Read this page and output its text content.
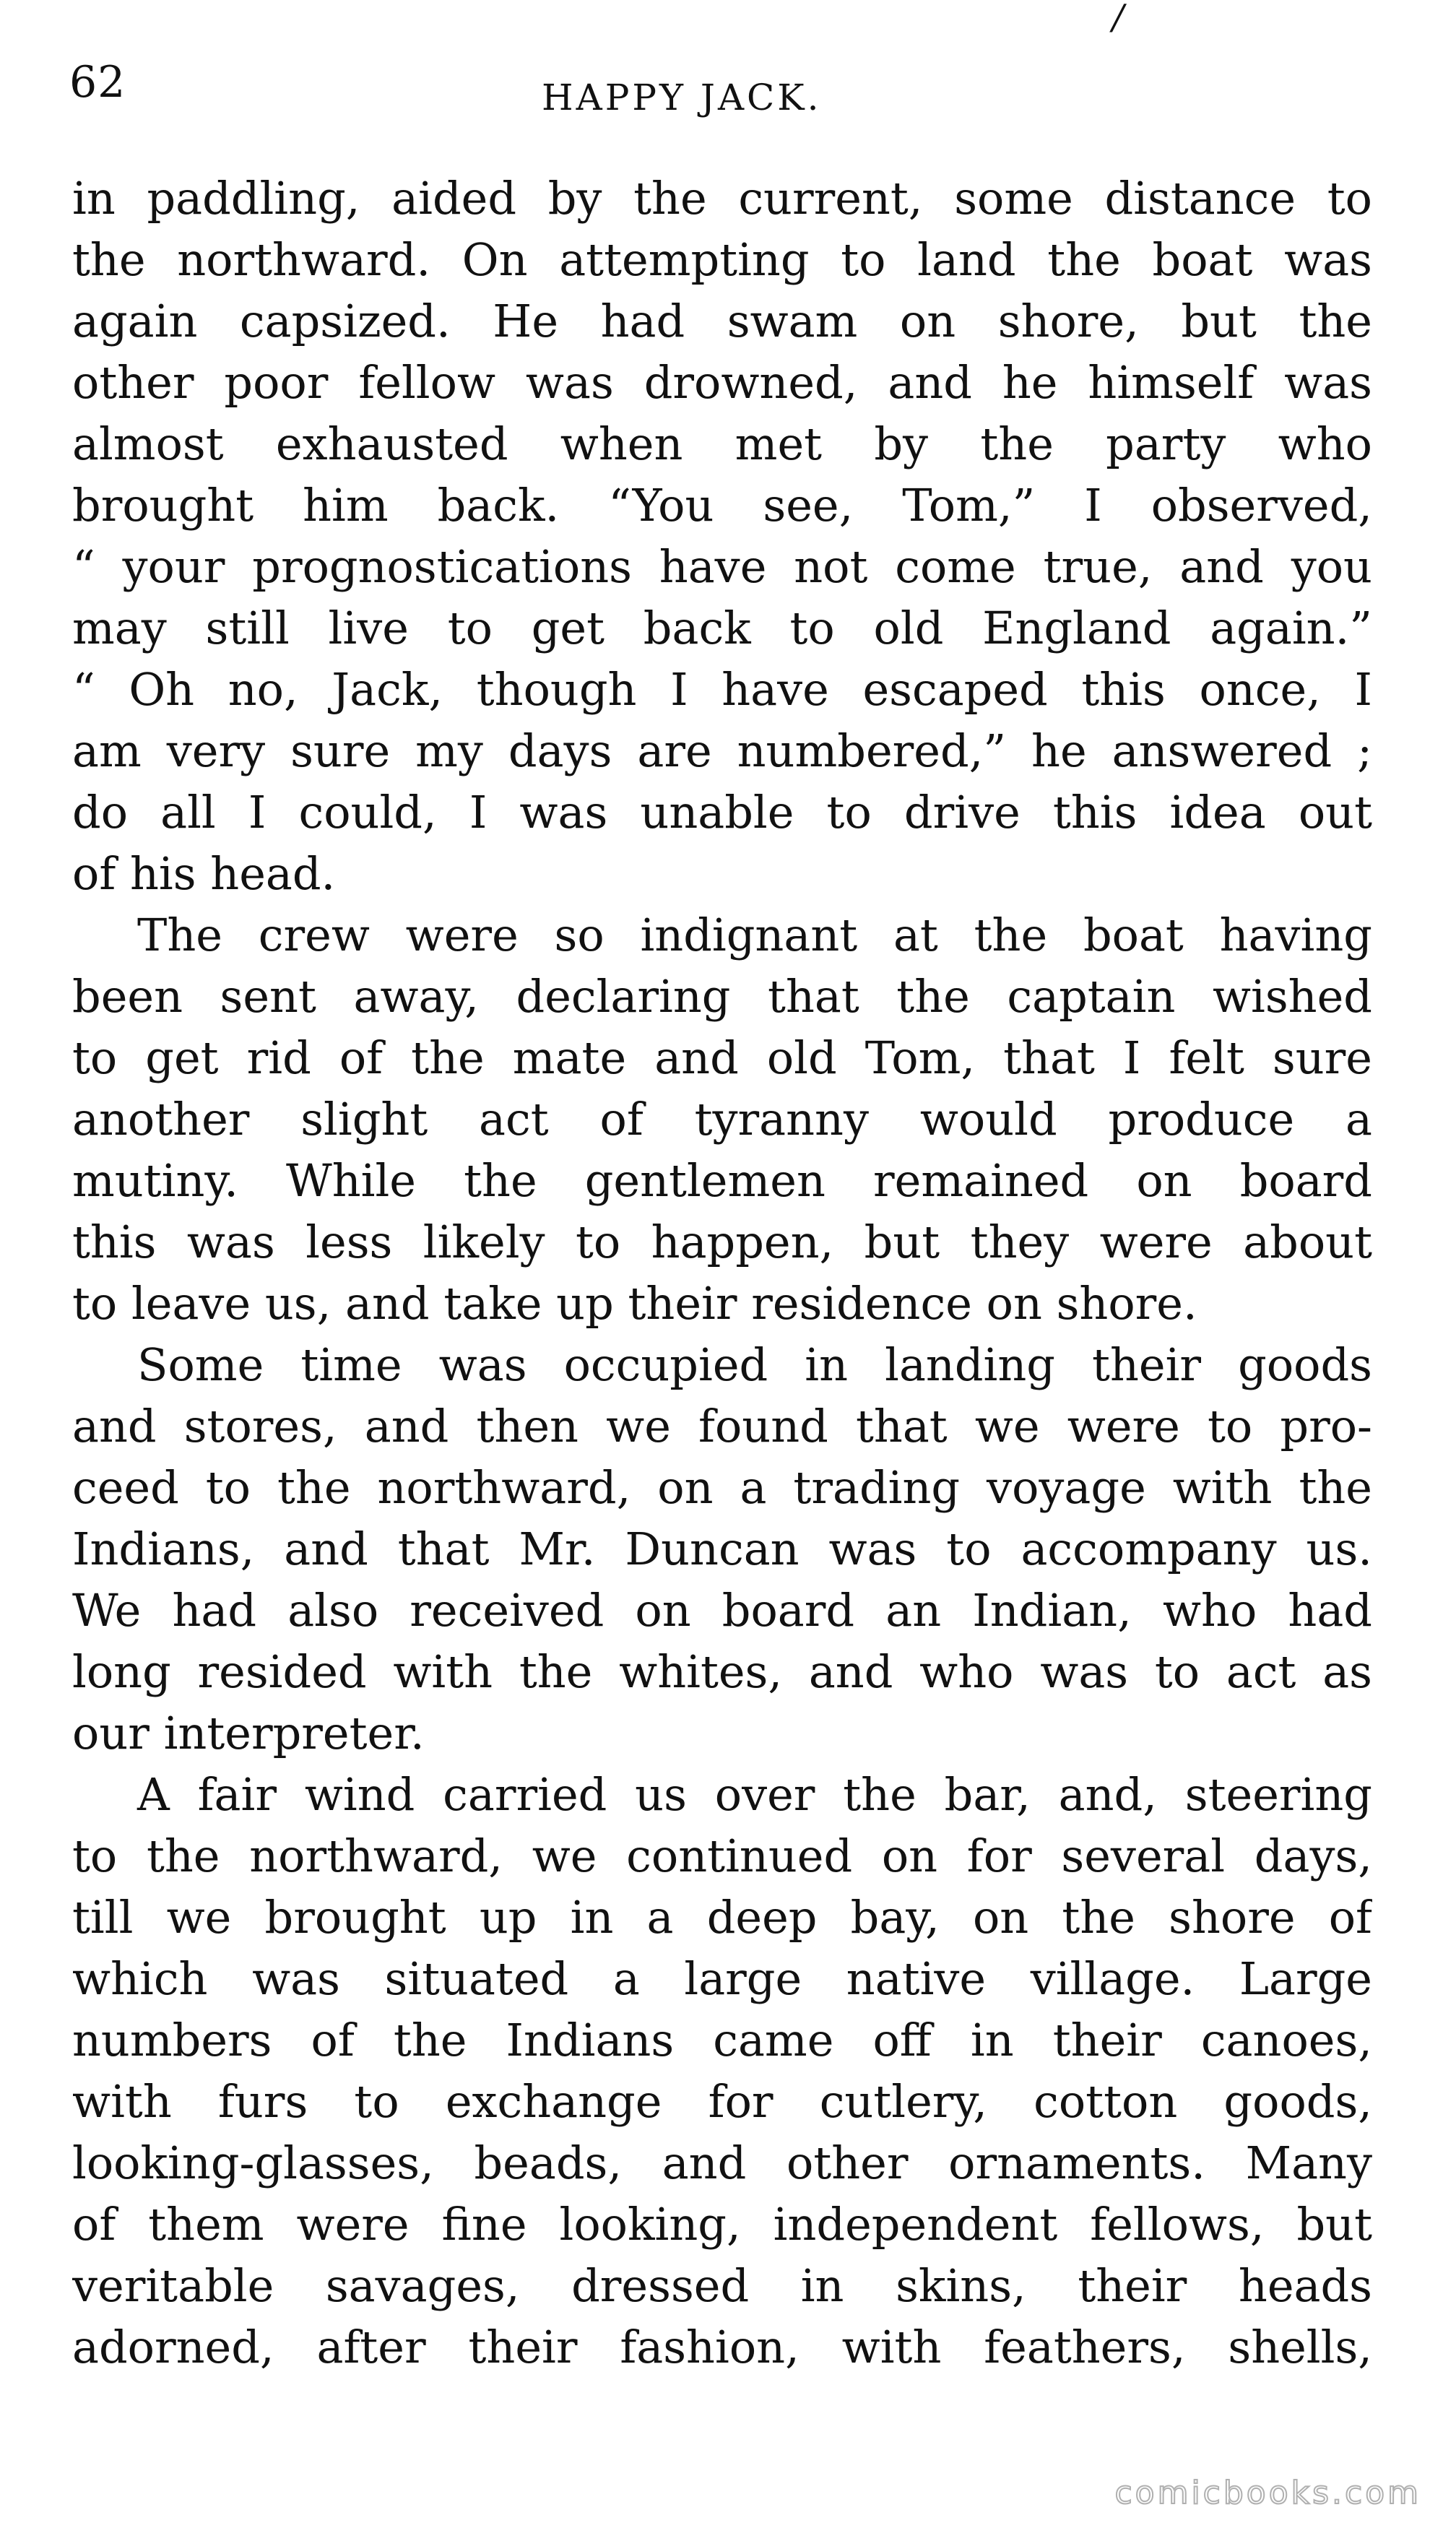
/
62	HAPPY JACK.
in paddling, aided by the current, some distance to
the northward. On attempting to land the boat was
again capsized. He had swam on shore, but the
other poor fellow was drowned, and he himself was
almost exhausted when met by the party who
brought him back. “You see, Tom,” I observed,
“ your prognostications have not come true, and you
may still live to get back to old England again.”
“ Oh no, Jack, though I have escaped this once, I
am very sure my days are numbered,” he answered ;
do all I could, I was unable to drive this idea out
of his head.
The crew were so indignant at the boat having
been sent away, declaring that the captain wished
to get rid of the mate and old Tom, that I felt sure
another slight act of tyranny would produce a
mutiny. While the gentlemen remained on board
this was less likely to happen, but they were about
to leave us, and take up their residence on shore.
Some time was occupied in landing their goods
and stores, and then we found that we were to pro-
ceed to the northward, on a trading voyage with the
Indians, and that Mr. Duncan was to accompany us.
We had also received on board an Indian, who had
long resided with the whites, and who was to act as
our interpreter.
A fair wind carried us over the bar, and, steering
to the northward, we continued on for several days,
till we brought up in a deep bay, on the shore of
which was situated a large native village. Large
numbers of the Indians came off in their canoes,
with furs to exchange for cutlery, cotton goods,
looking-glasses, beads, and other ornaments. Many
of them were fine looking, independent fellows, but
veritable savages, dressed in skins, their heads
adorned, after their fashion, with feathers, shells,
comicbooks.com
